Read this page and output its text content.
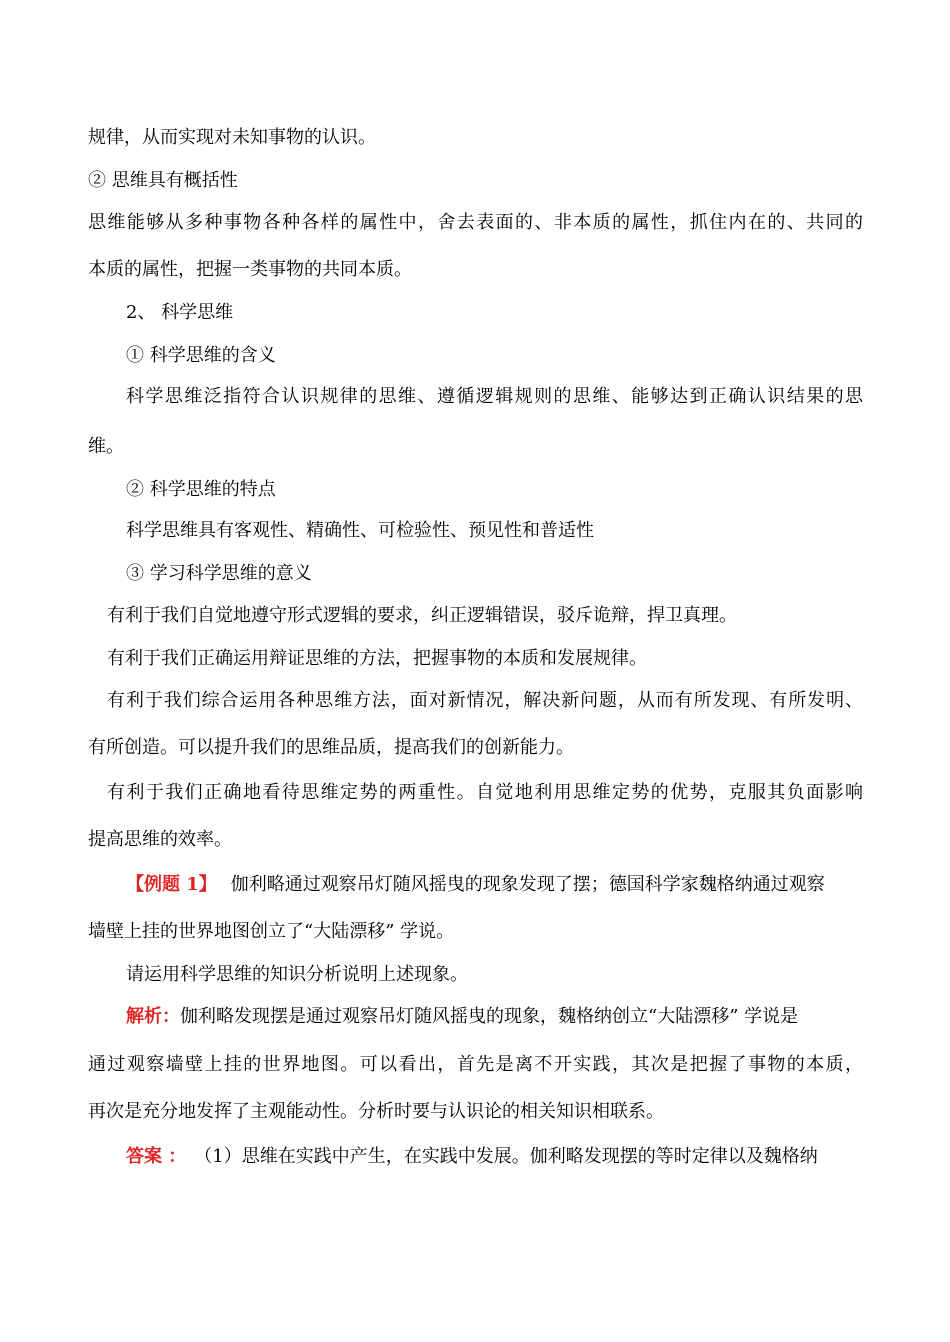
规律，从而实现对未知事物的认识。
② 思维具有概括性
思维能够从多种事物各种各样的属性中，舍去表面的、非本质的属性，抓住内在的、共同的
本质的属性，把握一类事物的共同本质。
2、 科学思维
① 科学思维的含义
科学思维泛指符合认识规律的思维、遵循逻辑规则的思维、能够达到正确认识结果的思
维。
② 科学思维的特点
科学思维具有客观性、精确性、可检验性、预见性和普适性
③ 学习科学思维的意义
有利于我们自觉地遵守形式逻辑的要求，纠正逻辑错误，驳斥诡辩，捍卫真理。
有利于我们正确运用辩证思维的方法，把握事物的本质和发展规律。
有利于我们综合运用各种思维方法，面对新情况，解决新问题，从而有所发现、有所发明、
有所创造。可以提升我们的思维品质，提高我们的创新能力。
有利于我们正确地看待思维定势的两重性。自觉地利用思维定势的优势，克服其负面影响
提高思维的效率。
【例题 1】 伽利略通过观察吊灯随风摇曳的现象发现了摆；德国科学家魏格纳通过观察
墙壁上挂的世界地图创立了“大陆漂移” 学说。
请运用科学思维的知识分析说明上述现象。
解析：伽利略发现摆是通过观察吊灯随风摇曳的现象，魏格纳创立“大陆漂移” 学说是
通过观察墙壁上挂的世界地图。可以看出，首先是离不开实践，其次是把握了事物的本质，
再次是充分地发挥了主观能动性。分析时要与认识论的相关知识相联系。
答案 ： （1）思维在实践中产生，在实践中发展。伽利略发现摆的等时定律以及魏格纳
